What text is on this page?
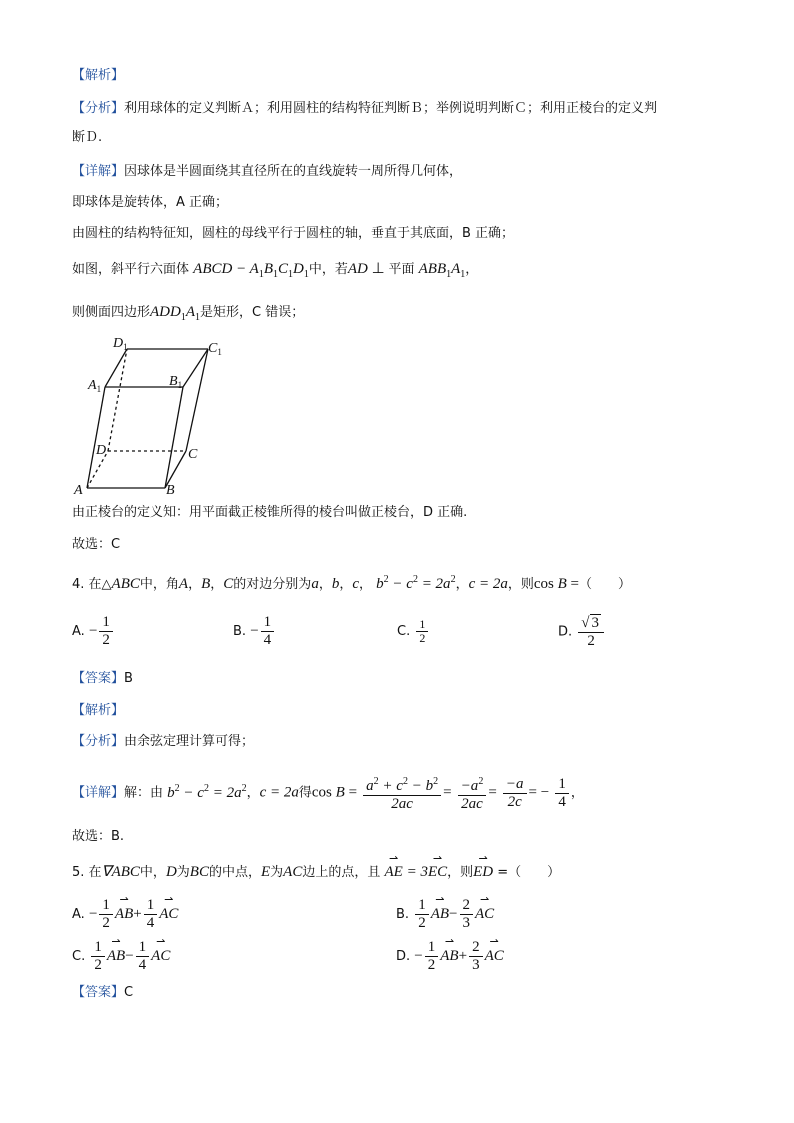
【解析】
【分析】利用球体的定义判断Ａ；利用圆柱的结构特征判断Ｂ；举例说明判断Ｃ；利用正棱台的定义判
断Ｄ.
【详解】因球体是半圆面绕其直径所在的直线旋转一周所得几何体，
即球体是旋转体，A 正确；
由圆柱的结构特征知，圆柱的母线平行于圆柱的轴，垂直于其底面，B 正确；
如图，斜平行六面体 ABCD − $A_1B_1C_1D_1$中，若AD ⊥ 平面 $ABB_1A_1$，
则侧面四边形$ADD_1A_1$是矩形，C 错误；
$D_1$	$C_1$
$A_1$	$B_1$
D	C
A	B
由正棱台的定义知：用平面截正棱锥所得的棱台叫做正棱台，D 正确.
故选：C
4. 在△ABC中，角A，B，C的对边分别为a，b，c， $b^2 - c^2 = 2a^2$，c = 2a，则cos B =（　　）
A. − $\frac{1}{2}$	B. − $\frac{1}{4}$	C. $\frac{1}{2}$	D. $\frac{√ 3}{2}$
【答案】B
【解析】
【分析】由余弦定理计算可得；
【详解】解：由 $b^2 - c^2 = 2a^2$，c = 2a得$\cos B = \frac{a^2 + c^2 - b^2}{2ac} = \frac{-a^2}{2ac} = \frac{-a}{2c}$ = − $\frac{1}{4}$ ，
故选：B.
5. 在∇ABC中，D为BC的中点，E为AC边上的点，且 ⇀ AE = 3⇀ EC，则⇀ ED =（　　）
A. − $\frac{1}{2}$ ⇀ $AB+ \frac{1}{4}$ ⇀ AC	B. $\frac{1}{2}$ ⇀ $AB- \frac{2}{3}$ ⇀ AC
C. $\frac{1}{2}$ ⇀ $AB- \frac{1}{4}$ ⇀ AC	D. − $\frac{1}{2}$ ⇀ $AB+ \frac{2}{3}$ ⇀ AC
【答案】C
